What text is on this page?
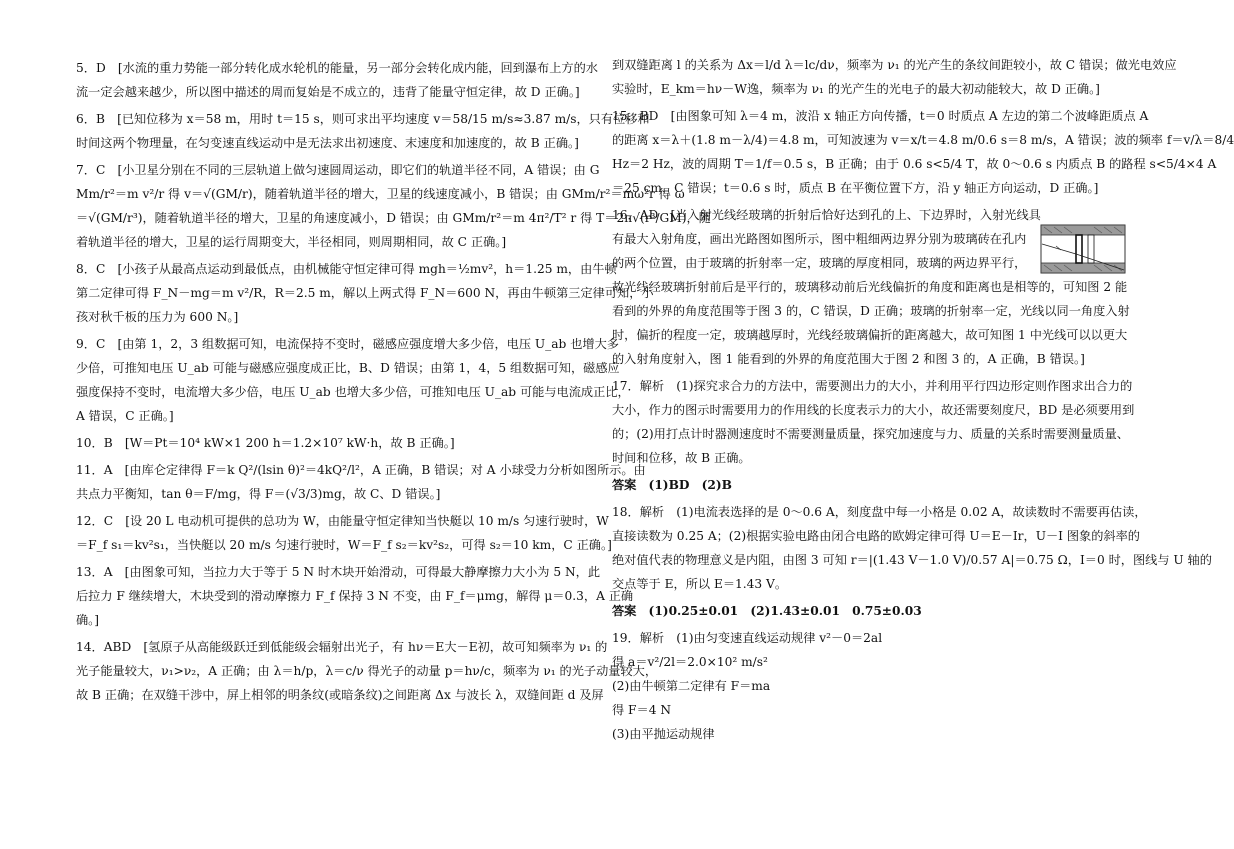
5．D　[水流的重力势能一部分转化成水轮机的能量，另一部分会转化成内能，回到瀑布上方的水
流一定会越来越少，所以图中描述的周而复始是不成立的，违背了能量守恒定律，故 D 正确。]
6．B　[已知位移为 x＝58 m，用时 t＝15 s，则可求出平均速度 v＝58/15 m/s≈3.87 m/s，只有位移和
时间这两个物理量，在匀变速直线运动中是无法求出初速度、末速度和加速度的，故 B 正确。]
7．C　[小卫星分别在不同的三层轨道上做匀速圆周运动，即它们的轨道半径不同，A 错误；由 G
Mm/r²＝m v²/r 得 v＝√(GM/r)，随着轨道半径的增大，卫星的线速度减小，B 错误；由 GMm/r²＝mω²r 得 ω
＝√(GM/r³)，随着轨道半径的增大，卫星的角速度减小，D 错误；由 GMm/r²＝m 4π²/T² r 得 T＝2π√(r³/GM)，随
着轨道半径的增大，卫星的运行周期变大，半径相同，则周期相同，故 C 正确。]
8．C　[小孩子从最高点运动到最低点，由机械能守恒定律可得 mgh＝½mv²，h＝1.25 m，由牛顿
第二定律可得 F_N－mg＝m v²/R，R＝2.5 m，解以上两式得 F_N＝600 N，再由牛顿第三定律可知，小
孩对秋千板的压力为 600 N。]
9．C　[由第 1，2，3 组数据可知，电流保持不变时，磁感应强度增大多少倍，电压 U_ab 也增大多
少倍，可推知电压 U_ab 可能与磁感应强度成正比，B、D 错误；由第 1，4，5 组数据可知，磁感应
强度保持不变时，电流增大多少倍，电压 U_ab 也增大多少倍，可推知电压 U_ab 可能与电流成正比，
A 错误，C 正确。]
10．B　[W＝Pt＝10⁴ kW×1 200 h＝1.2×10⁷ kW·h，故 B 正确。]
11．A　[由库仑定律得 F＝k Q²/(lsin θ)²＝4kQ²/l²，A 正确，B 错误；对 A 小球受力分析如图所示。由
共点力平衡知，tan θ＝F/mg，得 F＝(√3/3)mg，故 C、D 错误。]
12．C　[设 20 L 电动机可提供的总功为 W，由能量守恒定律知当快艇以 10 m/s 匀速行驶时，W
＝F_f s₁＝kv²s₁，当快艇以 20 m/s 匀速行驶时，W＝F_f s₂＝kv²s₂，可得 s₂＝10 km，C 正确。]
13．A　[由图象可知，当拉力大于等于 5 N 时木块开始滑动，可得最大静摩擦力大小为 5 N，此
后拉力 F 继续增大，木块受到的滑动摩擦力 F_f 保持 3 N 不变，由 F_f＝μmg，解得 μ＝0.3，A 正确
确。]
14．ABD　[氢原子从高能级跃迁到低能级会辐射出光子，有 hν＝E大－E初，故可知频率为 ν₁ 的
光子能量较大，ν₁>ν₂，A 正确；由 λ＝h/p，λ＝c/ν 得光子的动量 p＝hν/c，频率为 ν₁ 的光子动量较大，
故 B 正确；在双缝干涉中，屏上相邻的明条纹(或暗条纹)之间距离 Δx 与波长 λ，双缝间距 d 及屏
到双缝距离 l 的关系为 Δx＝l/d λ＝lc/dν，频率为 ν₁ 的光产生的条纹间距较小，故 C 错误；做光电效应
实验时，E_km＝hν－W逸，频率为 ν₁ 的光产生的光电子的最大初动能较大，故 D 正确。]
15．BD　[由图象可知 λ＝4 m，波沿 x 轴正方向传播，t＝0 时质点 A 左边的第二个波峰距质点 A
的距离 x＝λ＋(1.8 m－λ/4)＝4.8 m，可知波速为 v＝x/t＝4.8 m/0.6 s＝8 m/s，A 错误；波的频率 f＝v/λ＝8/4
Hz＝2 Hz，波的周期 T＝1/f＝0.5 s，B 正确；由于 0.6 s<5/4 T，故 0～0.6 s 内质点 B 的路程 s<5/4×4 A
＝25 cm，C 错误；t＝0.6 s 时，质点 B 在平衡位置下方，沿 y 轴正方向运动，D 正确。]
16．AD　[当入射光线经玻璃的折射后恰好达到孔的上、下边界时，入射光线具
有最大入射角度，画出光路图如图所示，图中粗细两边界分别为玻璃砖在孔内
的两个位置，由于玻璃的折射率一定，玻璃的厚度相同，玻璃的两边界平行，
故光线经玻璃折射前后是平行的，玻璃移动前后光线偏折的角度和距离也是相等的，可知图 2 能
看到的外界的角度范围等于图 3 的，C 错误，D 正确；玻璃的折射率一定，光线以同一角度入射
时，偏折的程度一定，玻璃越厚时，光线经玻璃偏折的距离越大，故可知图 1 中光线可以以更大
的入射角度射入，图 1 能看到的外界的角度范围大于图 2 和图 3 的，A 正确，B 错误。]
17．解析　(1)探究求合力的方法中，需要测出力的大小，并利用平行四边形定则作图求出合力的
大小，作力的图示时需要用力的作用线的长度表示力的大小，故还需要刻度尺，BD 是必须要用到
的；(2)用打点计时器测速度时不需要测量质量，探究加速度与力、质量的关系时需要测量质量、
时间和位移，故 B 正确。
答案　(1)BD　(2)B
18．解析　(1)电流表选择的是 0～0.6 A，刻度盘中每一小格是 0.02 A，故读数时不需要再估读，
直接读数为 0.25 A；(2)根据实验电路由闭合电路的欧姆定律可得 U＝E－Ir，U－I 图象的斜率的
绝对值代表的物理意义是内阻，由图 3 可知 r＝|(1.43 V－1.0 V)/0.57 A|＝0.75 Ω，I＝0 时，图线与 U 轴的
交点等于 E，所以 E＝1.43 V。
答案　(1)0.25±0.01　(2)1.43±0.01　0.75±0.03
19．解析　(1)由匀变速直线运动规律 v²－0＝2al
得 a＝v²/2l＝2.0×10² m/s²
(2)由牛顿第二定律有 F＝ma
得 F＝4 N
(3)由平抛运动规律
